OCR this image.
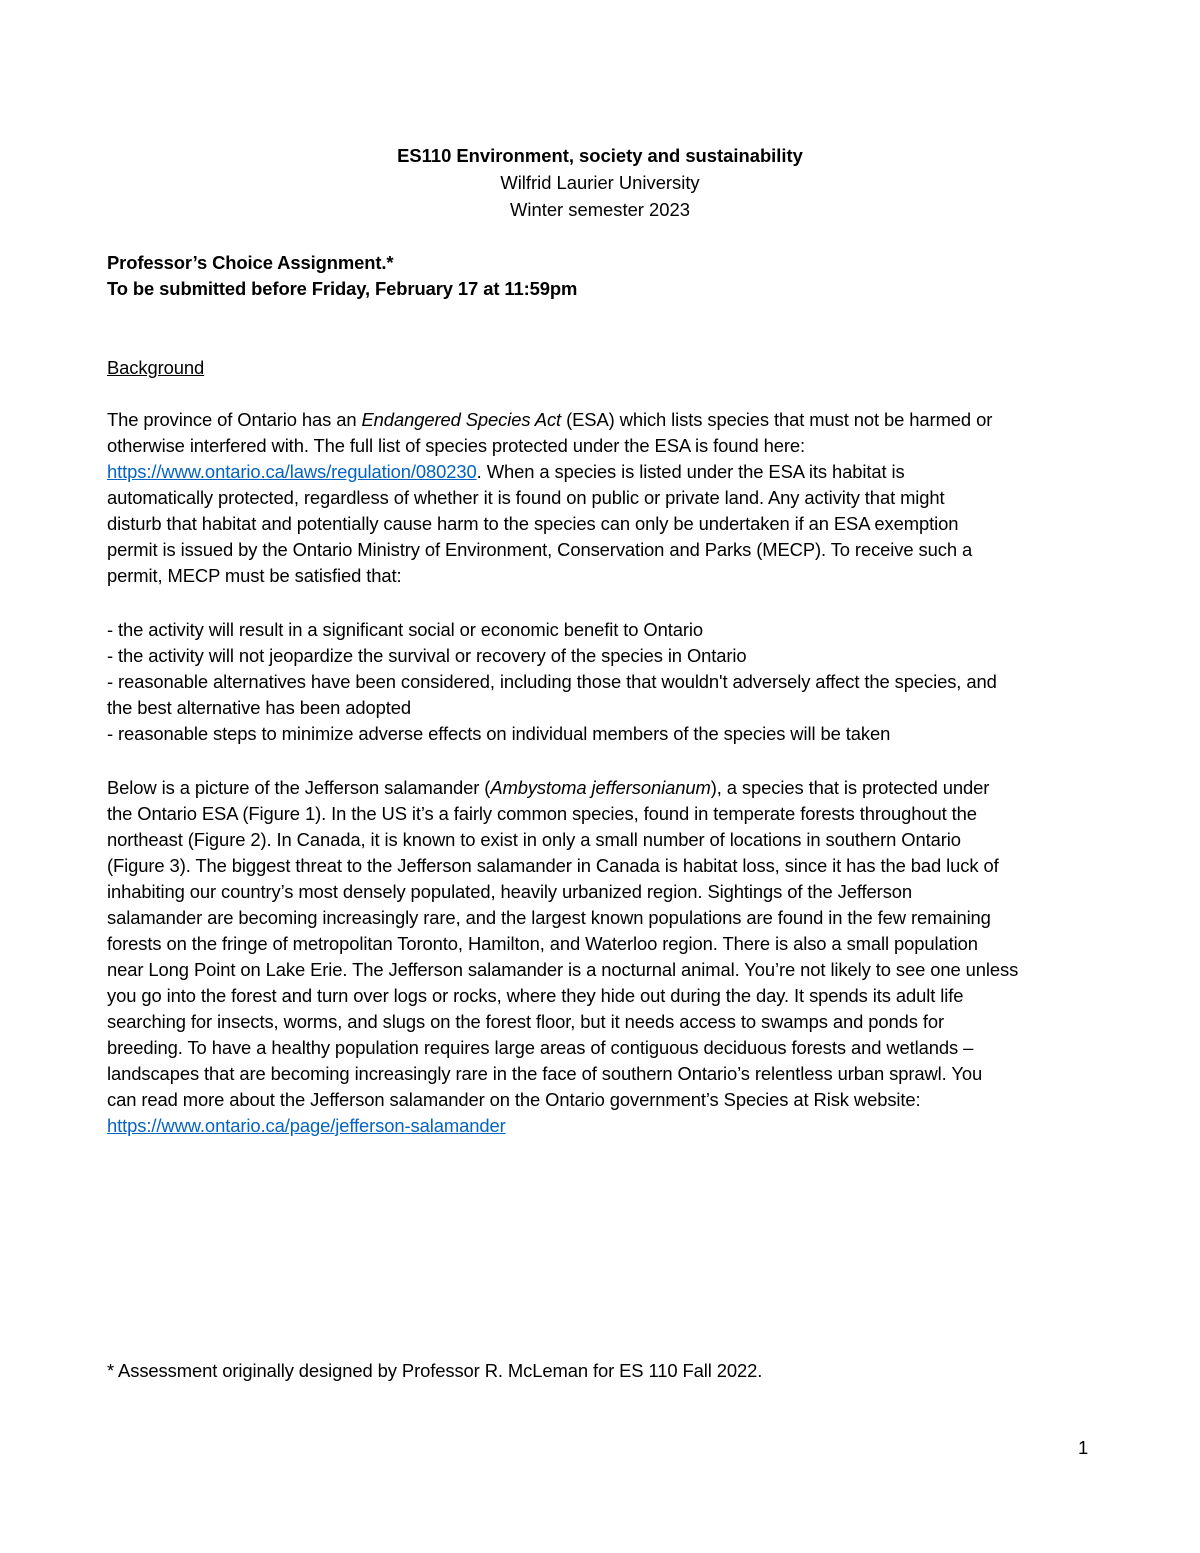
ES110 Environment, society and sustainability
Wilfrid Laurier University
Winter semester 2023
Professor’s Choice Assignment.*
To be submitted before Friday, February 17 at 11:59pm
Background
The province of Ontario has an Endangered Species Act (ESA) which lists species that must not be harmed or
otherwise interfered with. The full list of species protected under the ESA is found here:
https://www.ontario.ca/laws/regulation/080230. When a species is listed under the ESA its habitat is
automatically protected, regardless of whether it is found on public or private land. Any activity that might
disturb that habitat and potentially cause harm to the species can only be undertaken if an ESA exemption
permit is issued by the Ontario Ministry of Environment, Conservation and Parks (MECP). To receive such a
permit, MECP must be satisfied that:
- the activity will result in a significant social or economic benefit to Ontario
- the activity will not jeopardize the survival or recovery of the species in Ontario
- reasonable alternatives have been considered, including those that wouldn't adversely affect the species, and
the best alternative has been adopted
- reasonable steps to minimize adverse effects on individual members of the species will be taken
Below is a picture of the Jefferson salamander (Ambystoma jeffersonianum), a species that is protected under
the Ontario ESA (Figure 1). In the US it’s a fairly common species, found in temperate forests throughout the
northeast (Figure 2). In Canada, it is known to exist in only a small number of locations in southern Ontario
(Figure 3). The biggest threat to the Jefferson salamander in Canada is habitat loss, since it has the bad luck of
inhabiting our country’s most densely populated, heavily urbanized region. Sightings of the Jefferson
salamander are becoming increasingly rare, and the largest known populations are found in the few remaining
forests on the fringe of metropolitan Toronto, Hamilton, and Waterloo region. There is also a small population
near Long Point on Lake Erie. The Jefferson salamander is a nocturnal animal. You’re not likely to see one unless
you go into the forest and turn over logs or rocks, where they hide out during the day. It spends its adult life
searching for insects, worms, and slugs on the forest floor, but it needs access to swamps and ponds for
breeding. To have a healthy population requires large areas of contiguous deciduous forests and wetlands –
landscapes that are becoming increasingly rare in the face of southern Ontario’s relentless urban sprawl. You
can read more about the Jefferson salamander on the Ontario government’s Species at Risk website:
https://www.ontario.ca/page/jefferson-salamander
* Assessment originally designed by Professor R. McLeman for ES 110 Fall 2022.
1
